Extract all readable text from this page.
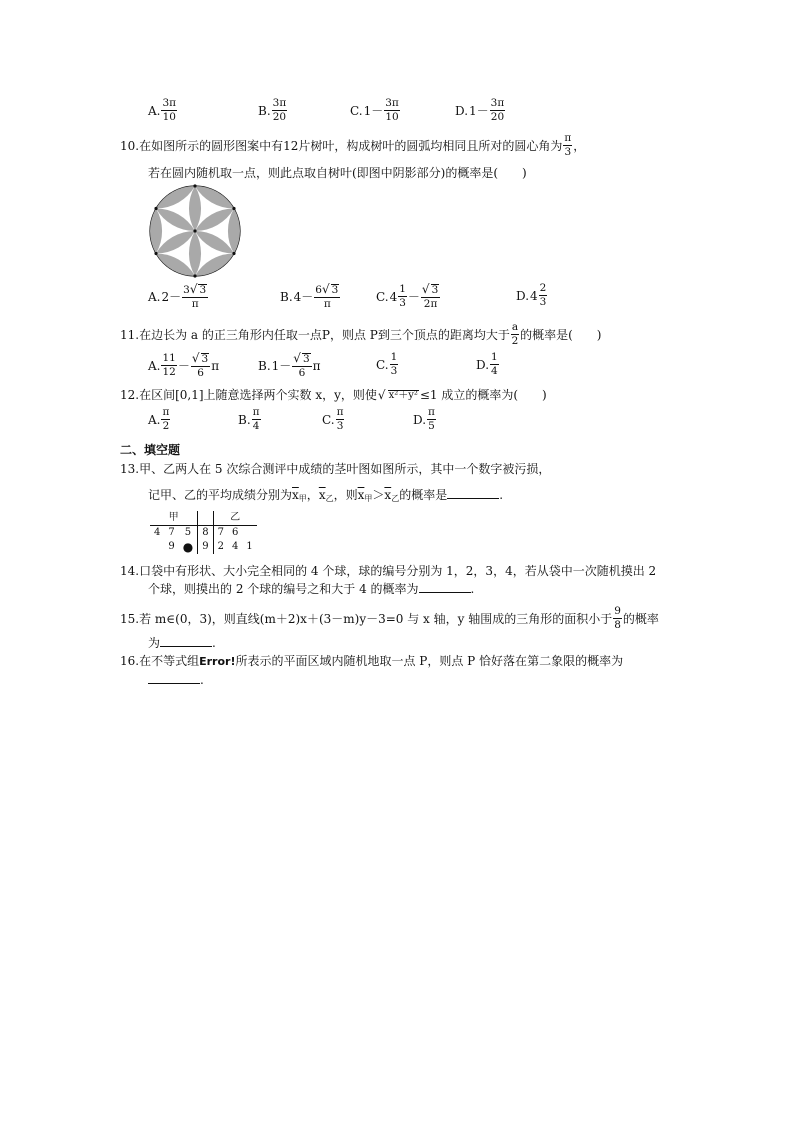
A. $\frac{3\pi}{10}$	B. $\frac{3\pi}{20}$	C. $1- \frac{3\pi}{10}$	D. $1- \frac{3\pi}{20}$
10.在如图所示的圆形图案中有12片树叶，构成树叶的圆弧均相同且所对的圆心角为 $\frac{\pi}{3}$ ，
若在圆内随机取一点，则此点取自树叶(即图中阴影部分)的概率是(　　)
A. $2- \frac{3√ 3}{\pi}$	B. $4- \frac{6√ 3}{\pi}$	C. $4 \frac{1}{3} - \frac{√ 3}{2\pi}$	D. $4 \frac{2}{3}$
11.在边长为 a 的正三角形内任取一点P，则点 P到三个顶点的距离均大于 $\frac{a}{2}$ 的概率是(　　)
A. $\frac{11}{12} - \frac{√ 3}{6}$ π	B. $1- \frac{√ 3}{6}$ π	C. $\frac{1}{3}$	D. $\frac{1}{4}$
12.在区间[0,1]上随意选择两个实数 x，y，则使 √ x²＋y² ≤1 成立的概率为(　　)
A. $\frac{\pi}{2}$	B. $\frac{\pi}{4}$	C. $\frac{\pi}{3}$	D. $\frac{\pi}{5}$
二、填空题
13.甲、乙两人在 5 次综合测评中成绩的茎叶图如图所示，其中一个数字被污损，
记甲、乙的平均成绩分别为$\overline{x}_甲$，$\overline{x}_乙$，则$\overline{x}_甲>\overline{x}_乙$的概率是	.
甲				乙		
4	7	5	8	7	6	
	9	●	9	2	4	1
14.口袋中有形状、大小完全相同的 4 个球，球的编号分别为 1，2，3，4，若从袋中一次随机摸出 2
个球，则摸出的 2 个球的编号之和大于 4 的概率为	.
15.若 m∈(0，3)，则直线(m＋2)x＋(3－m)y－3=0 与 x 轴，y 轴围成的三角形的面积小于 $\frac{9}{8}$ 的概率
为	.
16.在不等式组Error!所表示的平面区域内随机地取一点 P，则点 P 恰好落在第二象限的概率为
.
